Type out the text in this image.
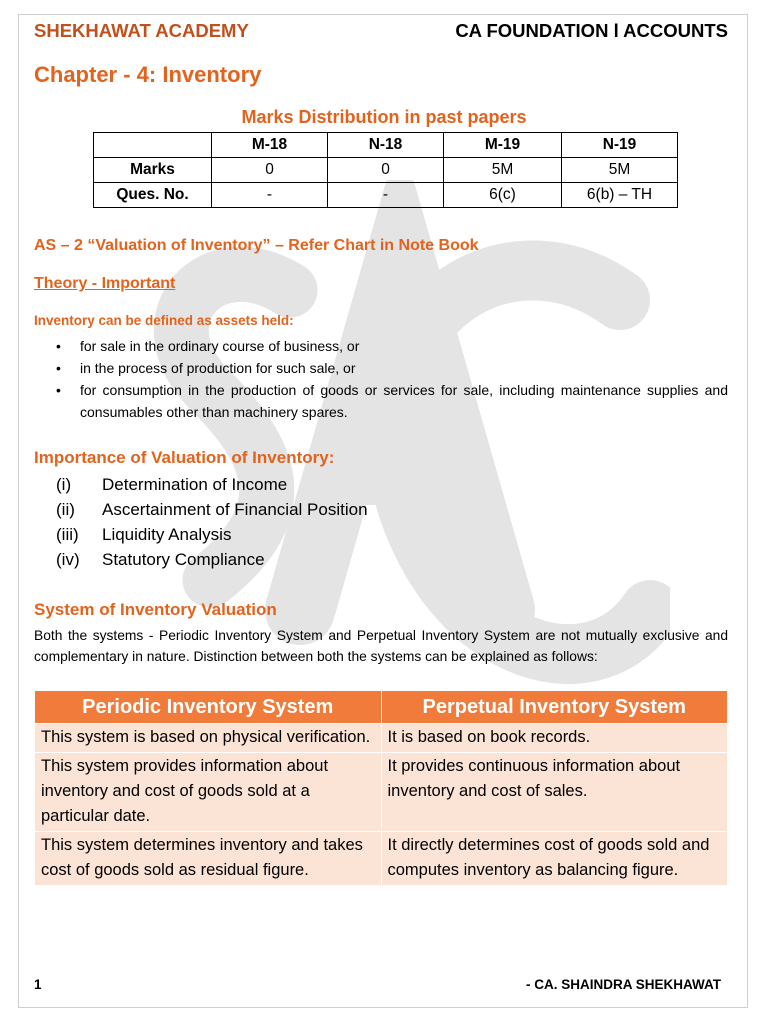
SHEKHAWAT ACADEMY	CA FOUNDATION l ACCOUNTS
Chapter - 4: Inventory
Marks Distribution in past papers
	M-18	N-18	M-19	N-19
Marks	0	0	5M	5M
Ques. No.	-	-	6(c)	6(b) – TH
AS – 2 “Valuation of Inventory” – Refer Chart in Note Book
Theory - Important
Inventory can be defined as assets held:
• for sale in the ordinary course of business, or
• in the process of production for such sale, or
• for consumption in the production of goods or services for sale, including maintenance supplies and consumables other than machinery spares.
Importance of Valuation of Inventory:
(i) Determination of Income
(ii) Ascertainment of Financial Position
(iii) Liquidity Analysis
(iv) Statutory Compliance
System of Inventory Valuation
Both the systems - Periodic Inventory System and Perpetual Inventory System are not mutually exclusive and complementary in nature. Distinction between both the systems can be explained as follows:
Periodic Inventory System	Perpetual Inventory System
This system is based on physical verification.	It is based on book records.
This system provides information about inventory and cost of goods sold at a particular date.	It provides continuous information about inventory and cost of sales.
This system determines inventory and takes cost of goods sold as residual figure.	It directly determines cost of goods sold and computes inventory as balancing figure.
1	- CA. SHAINDRA SHEKHAWAT
